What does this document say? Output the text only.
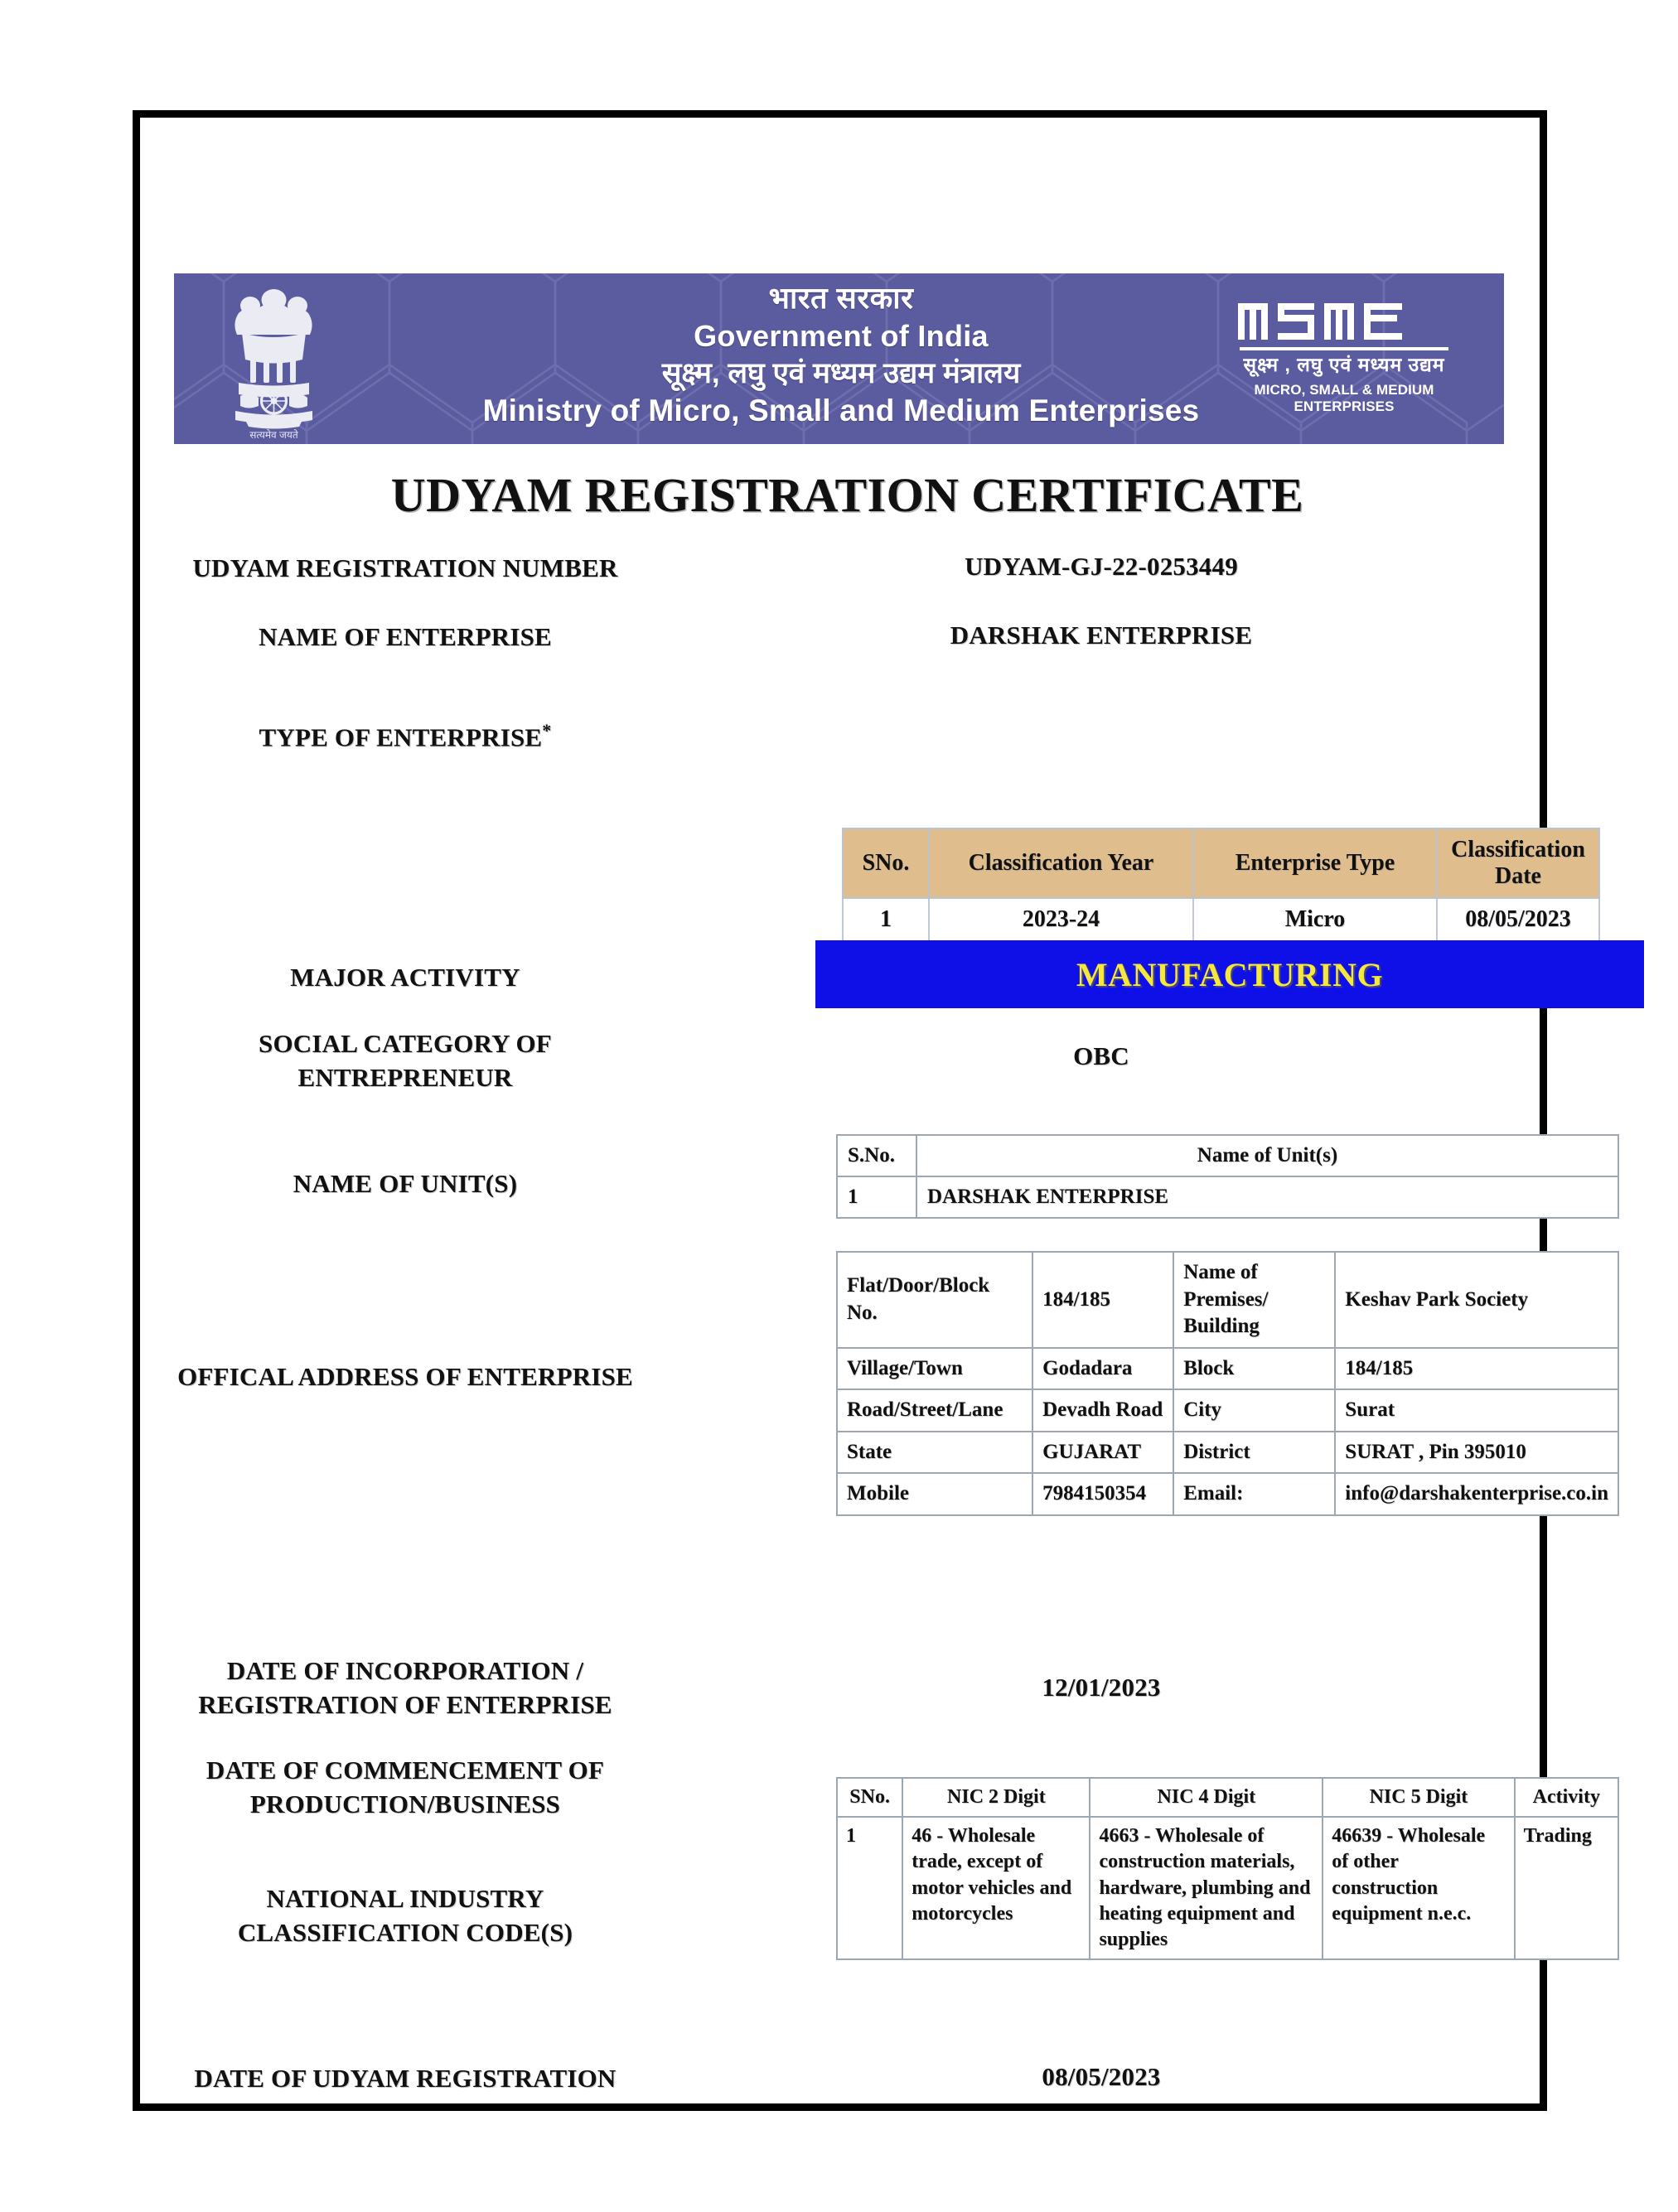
सत्यमेव जयते
भारत सरकार
Government of India
सूक्ष्म, लघु एवं मध्यम उद्यम मंत्रालय
Ministry of Micro, Small and Medium Enterprises
सूक्ष्म , लघु एवं मध्यम उद्यम
MICRO, SMALL & MEDIUM ENTERPRISES
UDYAM REGISTRATION CERTIFICATE
UDYAM REGISTRATION NUMBER	UDYAM-GJ-22-0253449
NAME OF ENTERPRISE	DARSHAK ENTERPRISE
TYPE OF ENTERPRISE*
SNo.	Classification Year	Enterprise Type	Classification Date
1	2023-24	Micro	08/05/2023
MAJOR ACTIVITY	MANUFACTURING
SOCIAL CATEGORY OF ENTREPRENEUR
OBC
NAME OF UNIT(S)
S.No.	Name of Unit(s)
1	DARSHAK ENTERPRISE
OFFICAL ADDRESS OF ENTERPRISE
Flat/Door/Block No.	184/185	Name of Premises/ Building	Keshav Park Society
Village/Town	Godadara	Block	184/185
Road/Street/Lane	Devadh Road	City	Surat
State	GUJARAT	District	SURAT , Pin 395010
Mobile	7984150354	Email:	info@darshakenterprise.co.in
DATE OF INCORPORATION / REGISTRATION OF ENTERPRISE
12/01/2023
DATE OF COMMENCEMENT OF PRODUCTION/BUSINESS
NATIONAL INDUSTRY CLASSIFICATION CODE(S)
SNo.	NIC 2 Digit	NIC 4 Digit	NIC 5 Digit	Activity
1	46 - Wholesale trade, except of motor vehicles and motorcycles	4663 - Wholesale of construction materials, hardware, plumbing and heating equipment and supplies	46639 - Wholesale of other construction equipment n.e.c.	Trading
DATE OF UDYAM REGISTRATION	08/05/2023
